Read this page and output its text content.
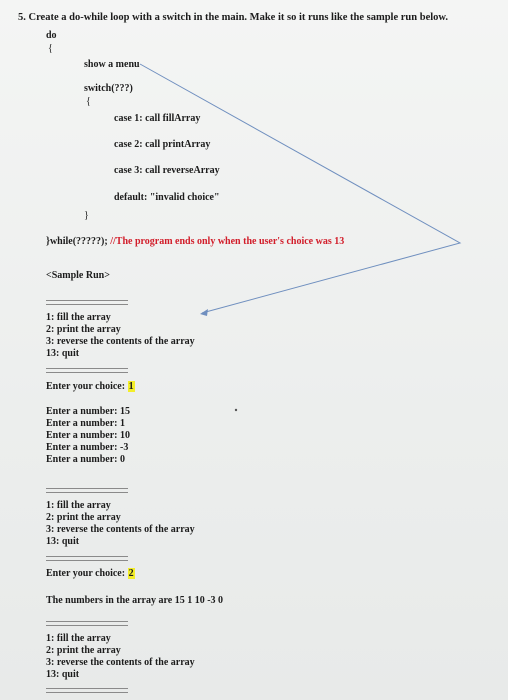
5. Create a do-while loop with a switch in the main. Make it so it runs like the sample run below.
do
{
show a menu
switch(???)
{
case 1: call fillArray
case 2: call printArray
case 3: call reverseArray
default: "invalid choice"
}
}while(?????); //The program ends only when the user's choice was 13
<Sample Run>
1: fill the array
2: print the array
3: reverse the contents of the array
13: quit
Enter your choice: 1
Enter a number: 15
Enter a number: 1
Enter a number: 10
Enter a number: -3
Enter a number: 0
1: fill the array
2: print the array
3: reverse the contents of the array
13: quit
Enter your choice: 2
The numbers in the array are 15 1 10 -3 0
1: fill the array
2: print the array
3: reverse the contents of the array
13: quit
